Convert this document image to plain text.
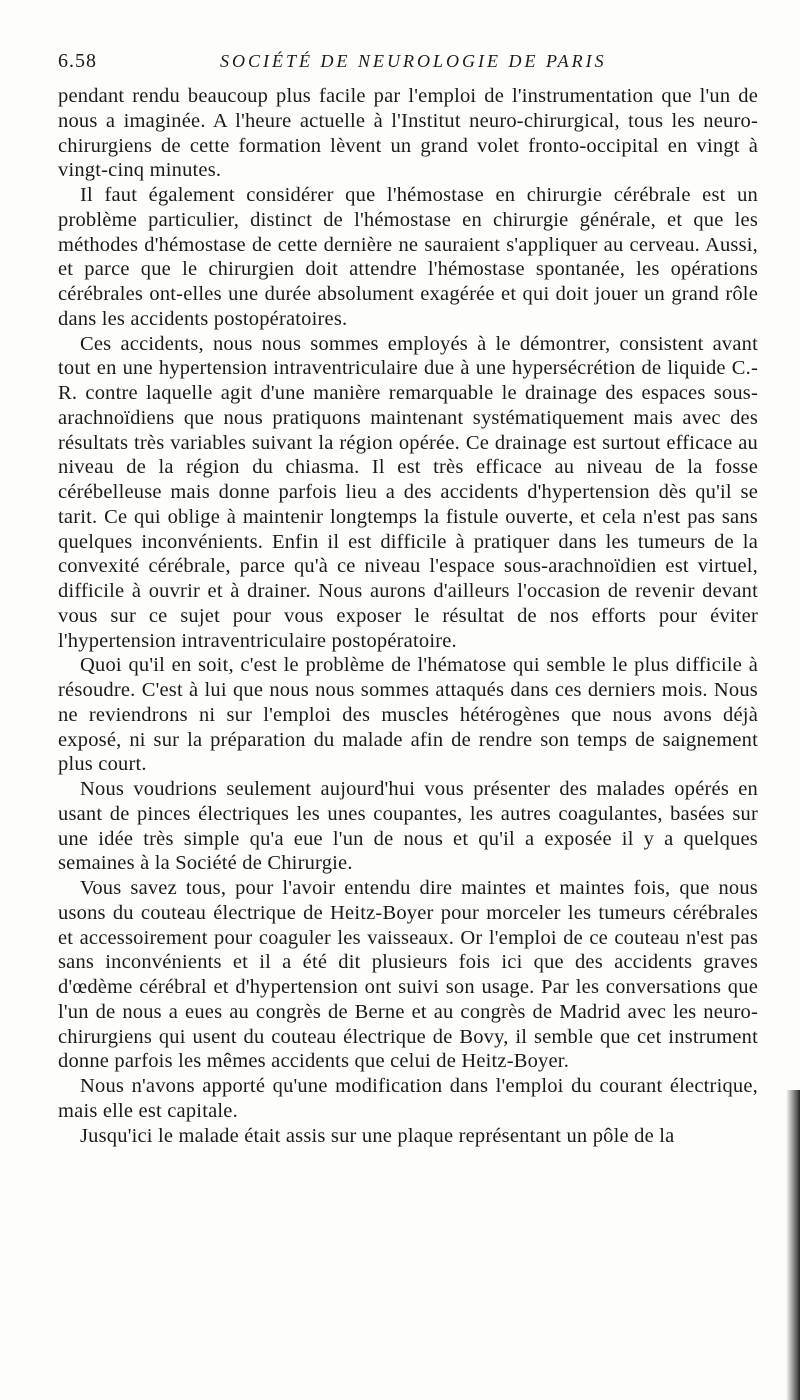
6.58	SOCIÉTÉ DE NEUROLOGIE DE PARIS

pendant rendu beaucoup plus facile par l'emploi de l'instrumentation que l'un de nous a imaginée. A l'heure actuelle à l'Institut neuro-chirurgical, tous les neuro-chirurgiens de cette formation lèvent un grand volet fronto-occipital en vingt à vingt-cinq minutes.

Il faut également considérer que l'hémostase en chirurgie cérébrale est un problème particulier, distinct de l'hémostase en chirurgie générale, et que les méthodes d'hémostase de cette dernière ne sauraient s'appliquer au cerveau. Aussi, et parce que le chirurgien doit attendre l'hémostase spontanée, les opérations cérébrales ont-elles une durée absolument exagérée et qui doit jouer un grand rôle dans les accidents postopératoires.

Ces accidents, nous nous sommes employés à le démontrer, consistent avant tout en une hypertension intraventriculaire due à une hypersécrétion de liquide C.-R. contre laquelle agit d'une manière remarquable le drainage des espaces sous-arachnoïdiens que nous pratiquons maintenant systématiquement mais avec des résultats très variables suivant la région opérée. Ce drainage est surtout efficace au niveau de la région du chiasma. Il est très efficace au niveau de la fosse cérébelleuse mais donne parfois lieu a des accidents d'hypertension dès qu'il se tarit. Ce qui oblige à maintenir longtemps la fistule ouverte, et cela n'est pas sans quelques inconvénients. Enfin il est difficile à pratiquer dans les tumeurs de la convexité cérébrale, parce qu'à ce niveau l'espace sous-arachnoïdien est virtuel, difficile à ouvrir et à drainer. Nous aurons d'ailleurs l'occasion de revenir devant vous sur ce sujet pour vous exposer le résultat de nos efforts pour éviter l'hypertension intraventriculaire postopératoire.

Quoi qu'il en soit, c'est le problème de l'hématose qui semble le plus difficile à résoudre. C'est à lui que nous nous sommes attaqués dans ces derniers mois. Nous ne reviendrons ni sur l'emploi des muscles hétérogènes que nous avons déjà exposé, ni sur la préparation du malade afin de rendre son temps de saignement plus court.

Nous voudrions seulement aujourd'hui vous présenter des malades opérés en usant de pinces électriques les unes coupantes, les autres coagulantes, basées sur une idée très simple qu'a eue l'un de nous et qu'il a exposée il y a quelques semaines à la Société de Chirurgie.

Vous savez tous, pour l'avoir entendu dire maintes et maintes fois, que nous usons du couteau électrique de Heitz-Boyer pour morceler les tumeurs cérébrales et accessoirement pour coaguler les vaisseaux. Or l'emploi de ce couteau n'est pas sans inconvénients et il a été dit plusieurs fois ici que des accidents graves d'œdème cérébral et d'hypertension ont suivi son usage. Par les conversations que l'un de nous a eues au congrès de Berne et au congrès de Madrid avec les neuro-chirurgiens qui usent du couteau électrique de Bovy, il semble que cet instrument donne parfois les mêmes accidents que celui de Heitz-Boyer.

Nous n'avons apporté qu'une modification dans l'emploi du courant électrique, mais elle est capitale.

Jusqu'ici le malade était assis sur une plaque représentant un pôle de la
